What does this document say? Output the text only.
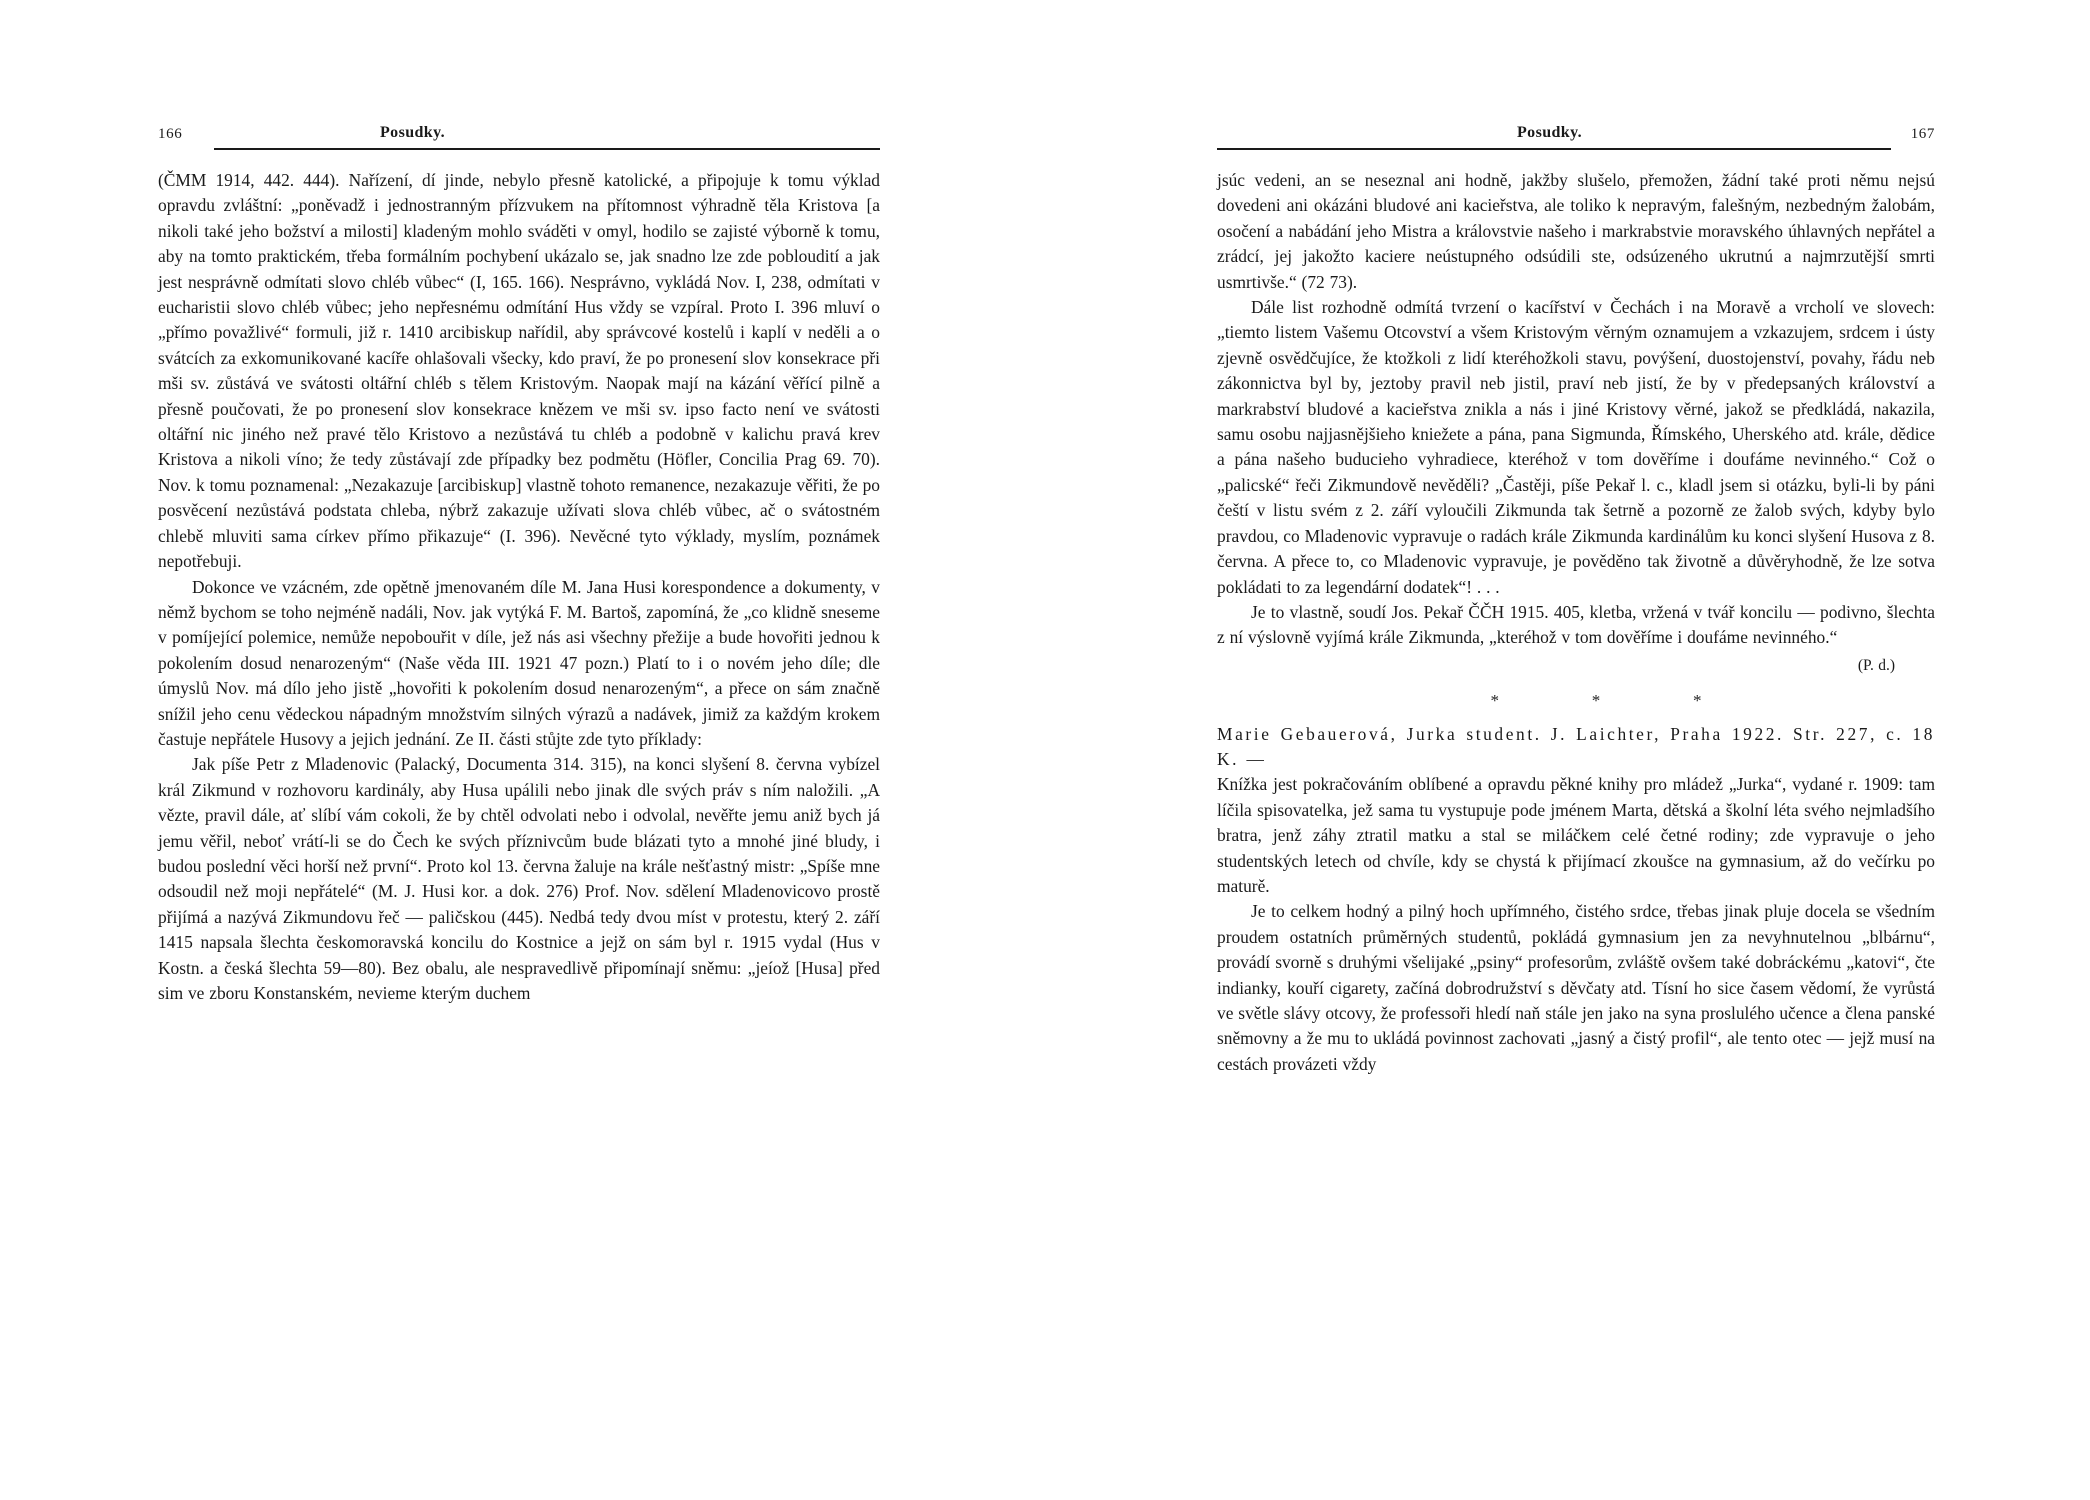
166	Posudky.

(ČMM 1914, 442. 444). Nařízení, dí jinde, nebylo přesně katolické, a připojuje k tomu výklad opravdu zvláštní: „poněvadž i jednostranným přízvukem na přítomnost výhradně těla Kristova [a nikoli také jeho božství a milosti] kladeným mohlo sváděti v omyl, hodilo se zajisté výborně k tomu, aby na tomto praktickém, třeba formálním pochybení ukázalo se, jak snadno lze zde pobloudití a jak jest nesprávně odmítati slovo chléb vůbec“ (I, 165. 166). Nesprávno, vykládá Nov. I, 238, odmítati v eucharistii slovo chléb vůbec; jeho nepřesnému odmítání Hus vždy se vzpíral. Proto I. 396 mluví o „přímo považlivé“ formuli, již r. 1410 arcibiskup nařídil, aby správcové kostelů i kaplí v neděli a o svátcích za exkomunikované kacíře ohlašovali všecky, kdo praví, že po pronesení slov konsekrace při mši sv. zůstává ve svátosti oltářní chléb s tělem Kristovým. Naopak mají na kázání věřící pilně a přesně poučovati, že po pronesení slov konsekrace knězem ve mši sv. ipso facto není ve svátosti oltářní nic jiného než pravé tělo Kristovo a nezůstává tu chléb a podobně v kalichu pravá krev Kristova a nikoli víno; že tedy zůstávají zde případky bez podmětu (Höfler, Concilia Prag 69. 70). Nov. k tomu poznamenal: „Nezakazuje [arcibiskup] vlastně tohoto remanence, nezakazuje věřiti, že po posvěcení nezůstává podstata chleba, nýbrž zakazuje užívati slova chléb vůbec, ač o svátostném chlebě mluviti sama církev přímo přikazuje“ (I. 396). Nevěcné tyto výklady, myslím, poznámek nepotřebuji.

Dokonce ve vzácném, zde opětně jmenovaném díle M. Jana Husi korespondence a dokumenty, v němž bychom se toho nejméně nadáli, Nov. jak vytýká F. M. Bartoš, zapomíná, že „co klidně sneseme v pomíjející polemice, nemůže nepobouřit v díle, jež nás asi všechny přežije a bude hovořiti jednou k pokolením dosud nenarozeným“ (Naše věda III. 1921 47 pozn.) Platí to i o novém jeho díle; dle úmyslů Nov. má dílo jeho jistě „hovořiti k pokolením dosud nenarozeným“, a přece on sám značně snížil jeho cenu vědeckou nápadným množstvím silných výrazů a nadávek, jimiž za každým krokem častuje nepřátele Husovy a jejich jednání. Ze II. části stůjte zde tyto příklady:

Jak píše Petr z Mladenovic (Palacký, Documenta 314. 315), na konci slyšení 8. června vybízel král Zikmund v rozhovoru kardinály, aby Husa upálili nebo jinak dle svých práv s ním naložili. „A vězte, pravil dále, ať slíbí vám cokoli, že by chtěl odvolati nebo i odvolal, nevěřte jemu aniž bych já jemu věřil, neboť vrátí-li se do Čech ke svých příznivcům bude blázati tyto a mnohé jiné bludy, i budou poslední věci horší než první“. Proto kol 13. června žaluje na krále nešťastný mistr: „Spíše mne odsoudil než moji nepřátelé“ (M. J. Husi kor. a dok. 276) Prof. Nov. sdělení Mladenovicovo prostě přijímá a nazývá Zikmundovu řeč — paličskou (445). Nedbá tedy dvou míst v protestu, který 2. září 1415 napsala šlechta českomoravská koncilu do Kostnice a jejž on sám byl r. 1915 vydal (Hus v Kostn. a česká šlechta 59—80). Bez obalu, ale nespravedlivě připomínají sněmu: „jeíož [Husa] před sim ve zboru Konstanském, nevieme kterým duchem

167
Posudky.

jsúc vedeni, an se neseznal ani hodně, jakžby slušelo, přemožen, žádní také proti němu nejsú dovedeni ani okázáni bludové ani kacieřstva, ale toliko k nepravým, falešným, nezbedným žalobám, osočení a nabádání jeho Mistra a královstvie našeho i markrabstvie moravského úhlavných nepřátel a zrádcí, jej jakožto kaciere neústupného odsúdili ste, odsúzeného ukrutnú a najmrzutější smrti usmrtivše.“ (72 73).

Dále list rozhodně odmítá tvrzení o kacířství v Čechách i na Moravě a vrcholí ve slovech: „tiemto listem Vašemu Otcovství a všem Kristovým věrným oznamujem a vzkazujem, srdcem i ústy zjevně osvědčujíce, že ktožkoli z lidí kteréhožkoli stavu, povýšení, duostojenství, povahy, řádu neb zákonnictva byl by, jeztoby pravil neb jistil, praví neb jistí, že by v předepsaných království a markrabství bludové a kacieřstva znikla a nás i jiné Kristovy věrné, jakož se předkládá, nakazila, samu osobu najjasnějšieho kniežete a pána, pana Sigmunda, Římského, Uherského atd. krále, dědice a pána našeho buducieho vyhradiece, kteréhož v tom dověříme i doufáme nevinného.“ Což o „palicské“ řeči Zikmundově nevěděli? „Častěji, píše Pekař l. c., kladl jsem si otázku, byli-li by páni čeští v listu svém z 2. září vyloučili Zikmunda tak šetrně a pozorně ze žalob svých, kdyby bylo pravdou, co Mladenovic vypravuje o radách krále Zikmunda kardinálům ku konci slyšení Husova z 8. června. A přece to, co Mladenovic vypravuje, je pověděno tak životně a důvěryhodně, že lze sotva pokládati to za legendární dodatek“! . . .

Je to vlastně, soudí Jos. Pekař ČČH 1915. 405, kletba, vržená v tvář koncilu — podivno, šlechta z ní výslovně vyjímá krále Zikmunda, „kteréhož v tom dověříme i doufáme nevinného.“

(P. d.)
* * *

Marie Gebauerová, Jurka student. J. Laichter, Praha 1922. Str. 227, c. 18 K. —

Knížka jest pokračováním oblíbené a opravdu pěkné knihy pro mládež „Jurka“, vydané r. 1909: tam líčila spisovatelka, jež sama tu vystupuje pode jménem Marta, dětská a školní léta svého nejmladšího bratra, jenž záhy ztratil matku a stal se miláčkem celé četné rodiny; zde vypravuje o jeho studentských letech od chvíle, kdy se chystá k přijímací zkoušce na gymnasium, až do večírku po maturě.

Je to celkem hodný a pilný hoch upřímného, čistého srdce, třebas jinak pluje docela se všedním proudem ostatních průměrných studentů, pokládá gymnasium jen za nevyhnutelnou „blbárnu“, provádí svorně s druhými všelijaké „psiny“ profesorům, zvláště ovšem také dobráckému „katovi“, čte indianky, kouří cigarety, začíná dobrodružství s děvčaty atd. Tísní ho sice časem vědomí, že vyrůstá ve světle slávy otcovy, že professoři hledí naň stále jen jako na syna proslulého učence a člena panské sněmovny a že mu to ukládá povinnost zachovati „jasný a čistý profil“, ale tento otec — jejž musí na cestách provázeti vždy
